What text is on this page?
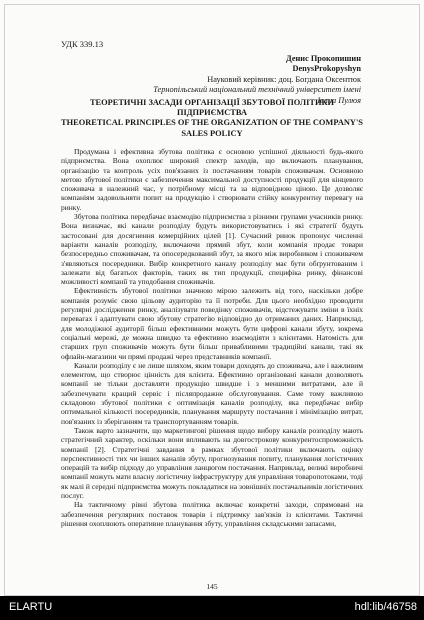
УДК 339.13
Денис Прокопишин
DenysProkopyshyn
Науковий керівник: доц. Богдана Оксентюк
Тернопільський національний технічний університет імені Івана Пулюя
ТЕОРЕТИЧНІ ЗАСАДИ ОРГАНІЗАЦІЇ ЗБУТОВОЇ ПОЛІТИКИ
ПІДПРИЄМСТВА
THEORETICAL PRINCIPLES OF THE ORGANIZATION OF THE COMPANY'S
SALES POLICY

Продумана і ефективна збутова політика є основою успішної діяльності будь-якого підприємства. Вона охоплює широкий спектр заходів, що включають планування, організацію та контроль усіх пов'язаних із постачанням товарів споживачам. Основною метою збутової політики є забезпечення максимальної доступності продукції для кінцевого споживача в належний час, у потрібному місці та за відповідною ціною. Це дозволяє компаніям задовольняти попит на продукцію і створювати стійку конкурентну перевагу на ринку.

Збутова політика передбачає взаємодію підприємства з різними групами учасників ринку. Вона визначає, які канали розподілу будуть використовуватись і які стратегії будуть застосовані для досягнення комерційних цілей [1]. Сучасний ринок пропонує численні варіанти каналів розподілу, включаючи прямий збут, коли компанія продає товари безпосередньо споживачам, та опосередкований збут, за якого між виробником і споживачем з'являються посередники. Вибір конкретного каналу розподілу має бути обґрунтованим і залежати від багатьох факторів, таких як тип продукції, специфіка ринку, фінансові можливості компанії та уподобання споживачів.

Ефективність збутової політики значною мірою залежить від того, наскільки добре компанія розуміє свою цільову аудиторію та її потреби. Для цього необхідно проводити регулярні дослідження ринку, аналізувати поведінку споживачів, відстежувати зміни в їхніх перевагах і адаптувати свою збутову стратегію відповідно до отриманих даних. Наприклад, для молодіжної аудиторії більш ефективними можуть бути цифрові канали збуту, зокрема соціальні мережі, де можна швидко та ефективно взаємодіяти з клієнтами. Натомість для старших груп споживачів можуть бути більш привабливими традиційні канали, такі як офлайн-магазини чи прямі продажі через представників компанії.

Канали розподілу є не лише шляхом, яким товари доходять до споживача, але і важливим елементом, що створює цінність для клієнта. Ефективно організовані канали дозволяють компанії не тільки доставляти продукцію швидше і з меншими витратами, але й забезпечувати кращий сервіс і післяпродажне обслуговування. Саме тому важливою складовою збутової політики є оптимізація каналів розподілу, яка передбачає вибір оптимальної кількості посередників, планування маршруту постачання і мінімізацію витрат, пов'язаних із зберіганням та транспортуванням товарів.

Також варто зазначити, що маркетингові рішення щодо вибору каналів розподілу мають стратегічний характер, оскільки вони впливають на довгострокову конкурентоспроможність компанії [2]. Стратегічні завдання в рамках збутової політики включають оцінку перспективності тих чи інших каналів збуту, прогнозування попиту, планування логістичних операцій та вибір підходу до управління ланцюгом постачання. Наприклад, великі виробничі компанії можуть мати власну логістичну інфраструктуру для управління товаропотоками, тоді як малі й середні підприємства можуть покладатися на зовнішніх постачальників логістичних послуг.

На тактичному рівні збутова політика включає конкретні заходи, спрямовані на забезпечення регулярних поставок товарів і підтримку зав'язків із клієнтами. Тактичні рішення охоплюють оперативне планування збуту, управління складськими запасами,

145
ELARTU	hdl:lib/46758
